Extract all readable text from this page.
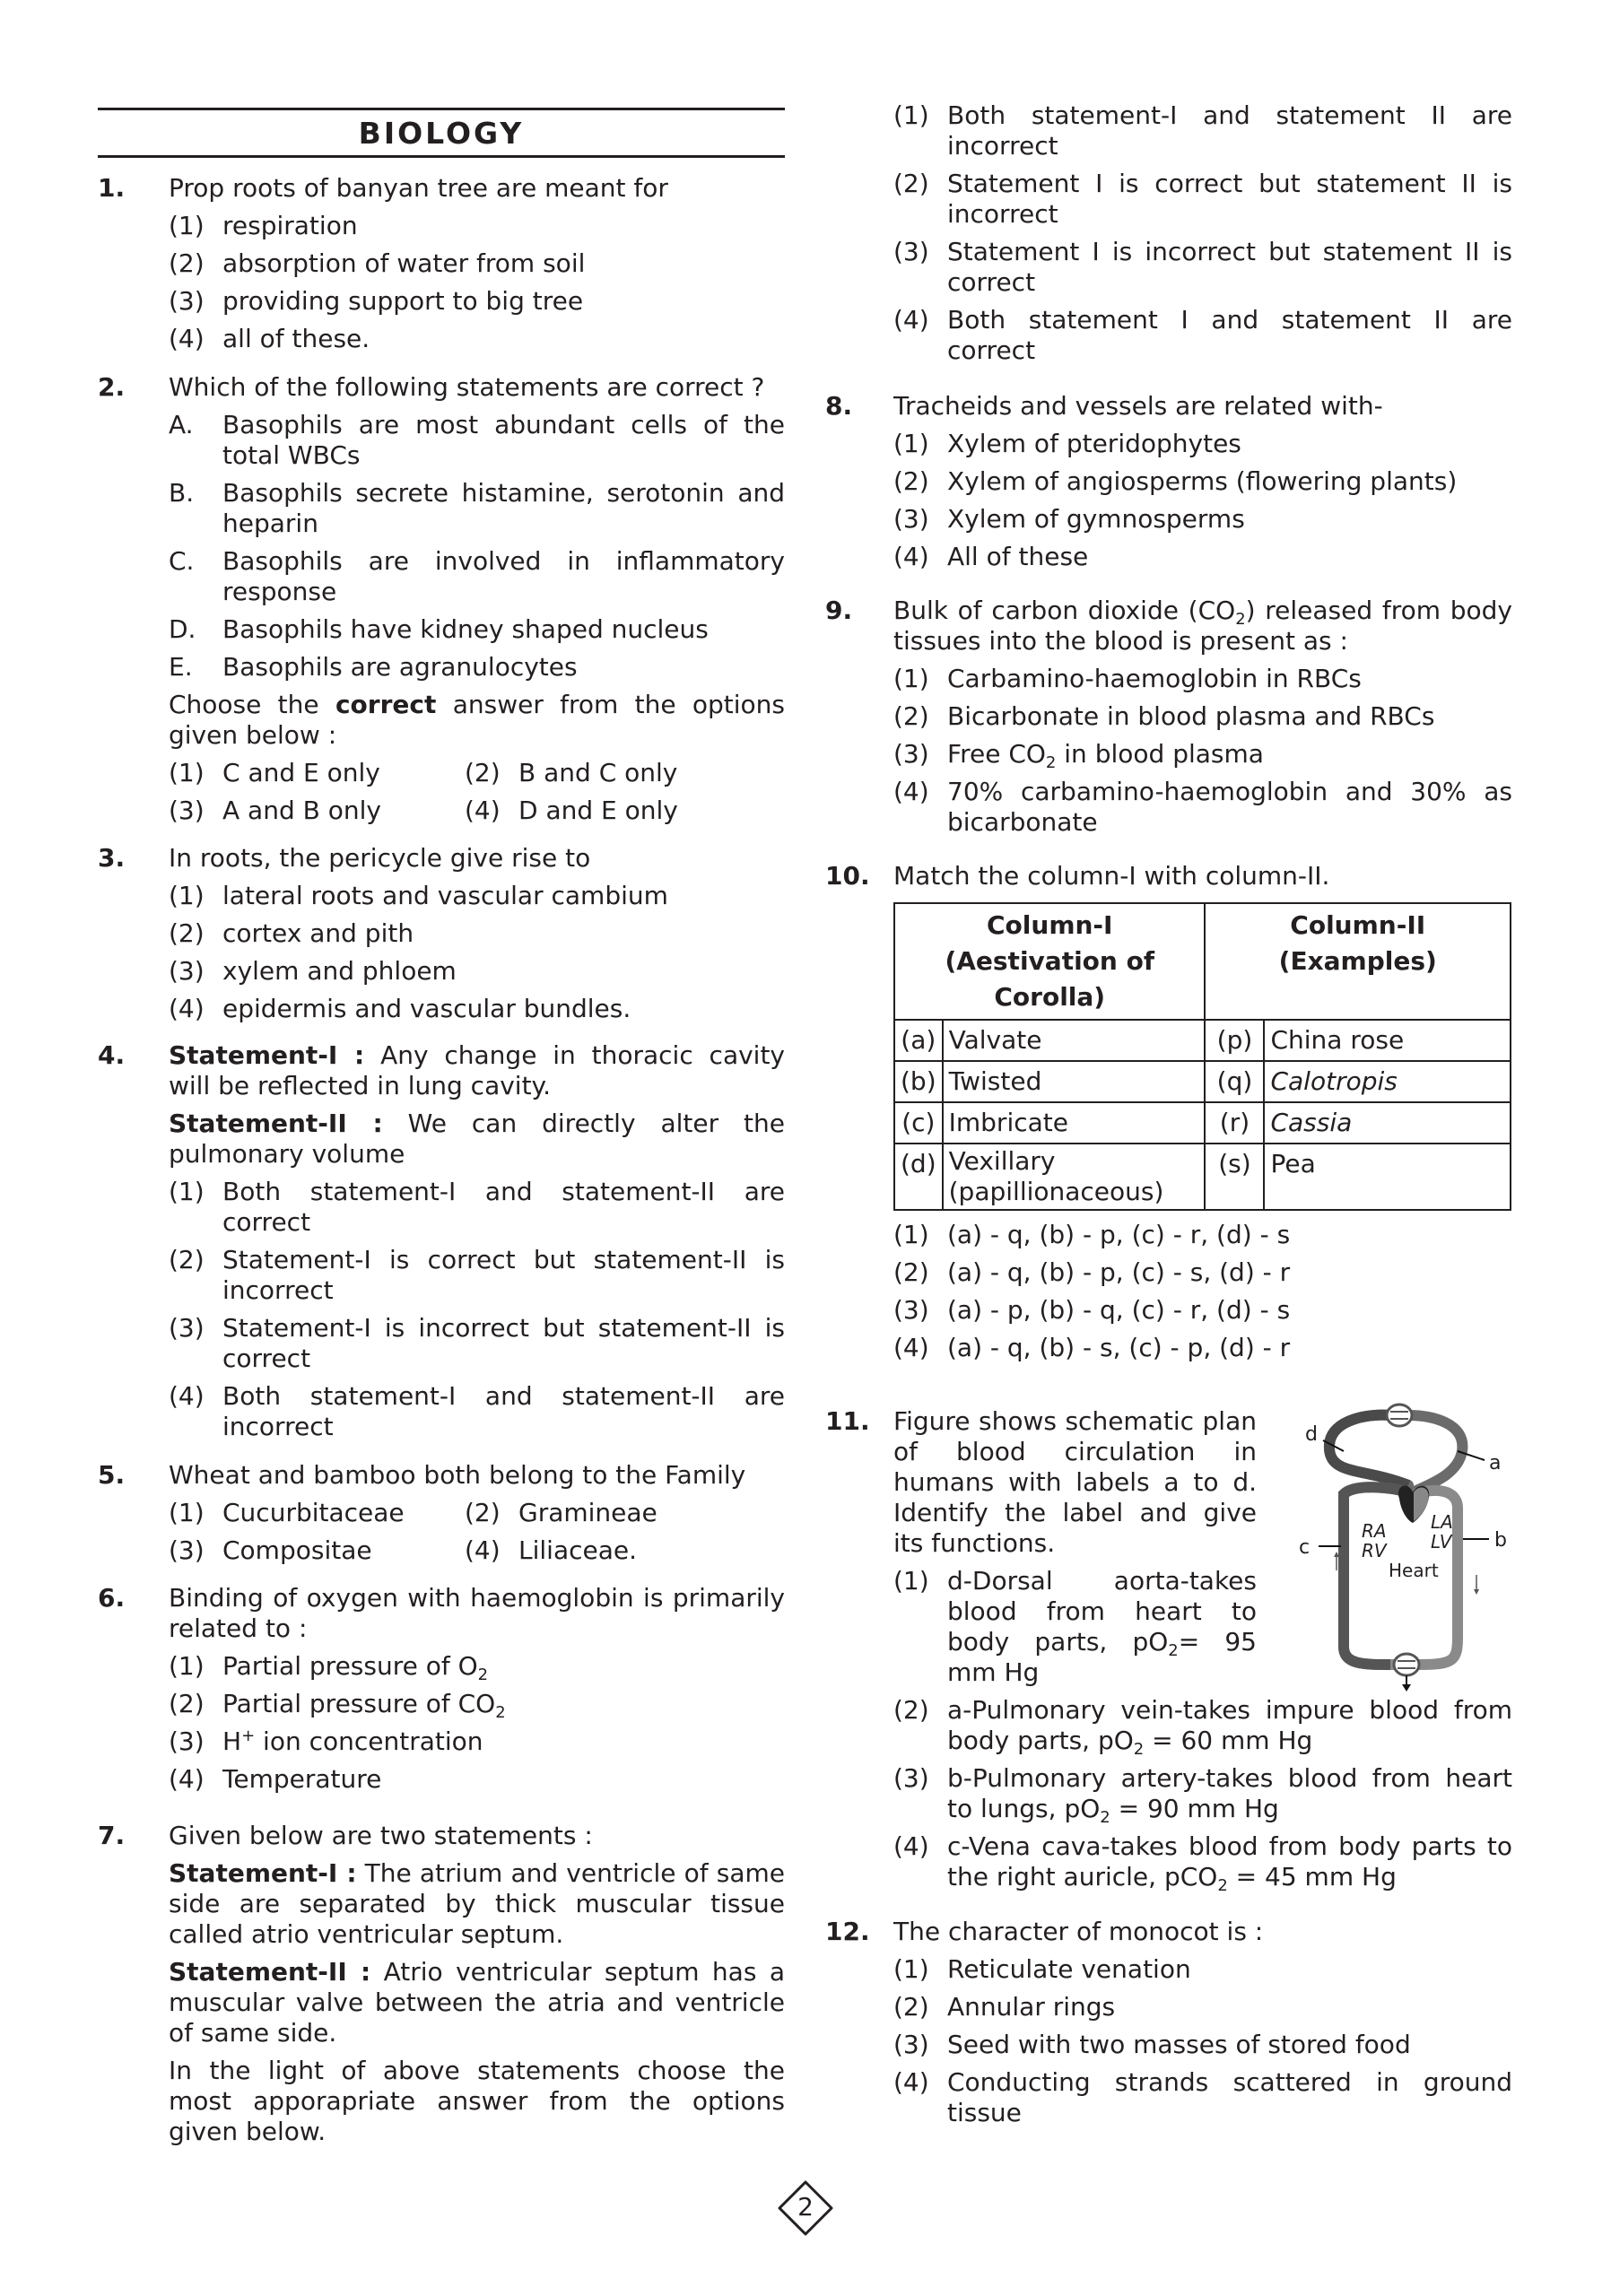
BIOLOGY
1.	Prop roots of banyan tree are meant for
(1) respiration
(2) absorption of water from soil
(3) providing support to big tree
(4) all of these.
2.	Which of the following statements are correct ?
A.	Basophils are most abundant cells of the total WBCs
B.	Basophils secrete histamine, serotonin and heparin
C.	Basophils are involved in inflammatory response
D.	Basophils have kidney shaped nucleus
E.	Basophils are agranulocytes
Choose the correct answer from the options given below :
(1) C and E only	(2) B and C only
(3) A and B only	(4) D and E only
3.	In roots, the pericycle give rise to
(1) lateral roots and vascular cambium
(2) cortex and pith
(3) xylem and phloem
(4) epidermis and vascular bundles.
4.	Statement-I : Any change in thoracic cavity will be reflected in lung cavity.
Statement-II : We can directly alter the pulmonary volume
(1) Both statement-I and statement-II are correct
(2) Statement-I is correct but statement-II is incorrect
(3) Statement-I is incorrect but statement-II is correct
(4) Both statement-I and statement-II are incorrect
5.	Wheat and bamboo both belong to the Family
(1) Cucurbitaceae	(2) Gramineae
(3) Compositae	(4) Liliaceae.
6.	Binding of oxygen with haemoglobin is primarily related to :
(1) Partial pressure of $O_2$
(2) Partial pressure of $CO_2$
(3) H+ ion concentration
(4) Temperature
7.	Given below are two statements :
Statement-I : The atrium and ventricle of same side are separated by thick muscular tissue called atrio ventricular septum.
Statement-II : Atrio ventricular septum has a muscular valve between the atria and ventricle of same side.
In the light of above statements choose the most apporapriate answer from the options given below.
(1) Both statement-I and statement II are incorrect
(2) Statement I is correct but statement II is incorrect
(3) Statement I is incorrect but statement II is correct
(4) Both statement I and statement II are correct
8.	Tracheids and vessels are related with-
(1) Xylem of pteridophytes
(2) Xylem of angiosperms (flowering plants)
(3) Xylem of gymnosperms
(4) All of these
9.	Bulk of carbon dioxide $(CO_2)$ released from body tissues into the blood is present as :
(1) Carbamino-haemoglobin in RBCs
(2) Bicarbonate in blood plasma and RBCs
(3) Free $CO_2$ in blood plasma
(4) 70% carbamino-haemoglobin and 30% as bicarbonate
10. Match the column-I with column-II.
Column-I (Aestivation of Corolla)		Column-II (Examples)	
(a)	Valvate	(p)	China rose
(b)	Twisted	(q)	Calotropis
(c)	Imbricate	(r)	Cassia
(d)	Vexillary (papillionaceous)	(s)	Pea
(1) (a) - q, (b) - p, (c) - r, (d) - s
(2) (a) - q, (b) - p, (c) - s, (d) - r
(3) (a) - p, (b) - q, (c) - r, (d) - s
(4) (a) - q, (b) - s, (c) - p, (d) - r
11. Figure shows schematic plan of blood circulation in humans with labels a to d. Identify the label and give its functions.
(1) d-Dorsal aorta-takes blood from heart to body parts, $pO_2= 95$ mm Hg
(2) a-Pulmonary vein-takes impure blood from body parts, $pO_2 = 60$ mm Hg
(3) b-Pulmonary artery-takes blood from heart to lungs, $pO_2 = 90$ mm Hg
(4) c-Vena cava-takes blood from body parts to the right auricle, pCO$_2$ = 45 mm Hg
d
a
b
c
RA
RV
LA
LV
Heart
12. The character of monocot is :
(1) Reticulate venation
(2) Annular rings
(3) Seed with two masses of stored food
(4) Conducting strands scattered in ground tissue
2
